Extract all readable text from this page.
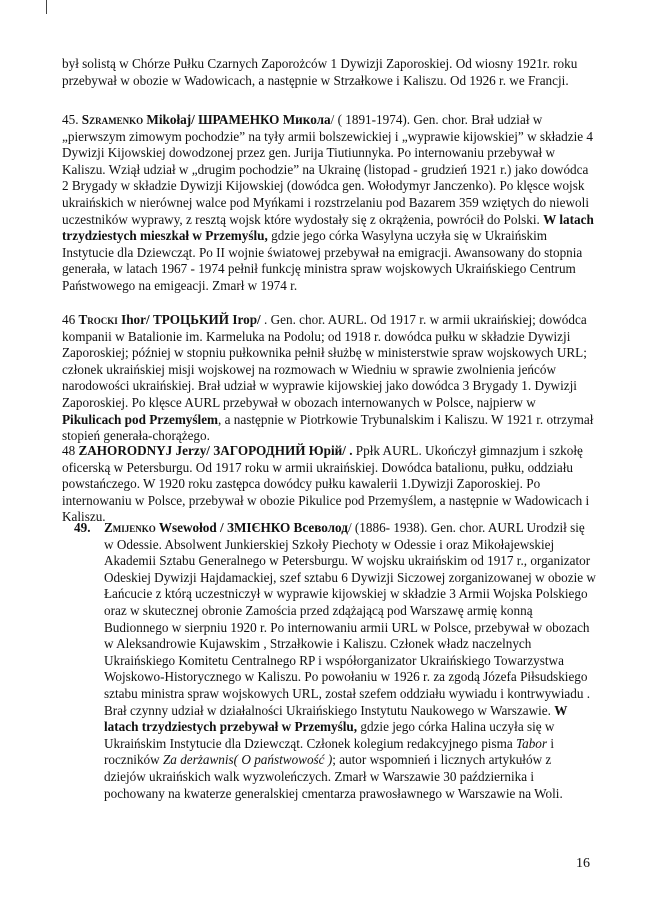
był solistą w Chórze Pułku Czarnych Zaporożców 1 Dywizji Zaporoskiej. Od wiosny 1921r. roku przebywał w obozie w Wadowicach, a następnie w Strzałkowe i Kaliszu. Od 1926 r. we Francji.

45. Szramenko Mikołaj/ ШРАМЕНКО Микола/ ( 1891-1974). Gen. chor. Brał udział w „pierwszym zimowym pochodzie” na tyły armii bolszewickiej i „wyprawie kijowskiej” w składzie 4 Dywizji Kijowskiej dowodzonej przez gen. Jurija Tiutiunnyka. Po internowaniu przebywał w Kaliszu. Wziął udział w „drugim pochodzie” na Ukrainę (listopad - grudzień 1921 r.) jako dowódca 2 Brygady w składzie Dywizji Kijowskiej (dowódca gen. Wołodymyr Janczenko). Po klęsce wojsk ukraińskich w nierównej walce pod Myńkami i rozstrzelaniu pod Bazarem 359 wziętych do niewoli uczestników wyprawy, z resztą wojsk które wydostały się z okrążenia, powrócił do Polski. W latach trzydziestych mieszkał w Przemyślu, gdzie jego córka Wasylyna uczyła się w Ukraińskim Instytucie dla Dziewcząt. Po II wojnie światowej przebywał na emigracji. Awansowany do stopnia generała, w latach 1967 - 1974 pełnił funkcję ministra spraw wojskowych Ukraińskiego Centrum Państwowego na emigeacji. Zmarł w 1974 r.

46 Trocki Ihor/ ТРОЦЬКИЙ Irop/ . Gen. chor. AURL. Od 1917 r. w armii ukraińskiej; dowódca kompanii w Batalionie im. Karmeluka na Podolu; od 1918 r. dowódca pułku w składzie Dywizji Zaporoskiej; później w stopniu pułkownika pełnił służbę w ministerstwie spraw wojskowych URL; członek ukraińskiej misji wojskowej na rozmowach w Wiedniu w sprawie zwolnienia jeńców narodowości ukraińskiej. Brał udział w wyprawie kijowskiej jako dowódca 3 Brygady 1. Dywizji Zaporoskiej. Po klęsce AURL przebywał w obozach internowanych w Polsce, najpierw w Pikulicach pod Przemyślem, a następnie w Piotrkowie Trybunalskim i Kaliszu. W 1921 r. otrzymał stopień generała-chorążego.

48 ZAHORODNYJ Jerzy/ ЗАГОРОДНИЙ Юрій/ . Ppłk AURL. Ukończył gimnazjum i szkołę oficerską w Petersburgu. Od 1917 roku w armii ukraińskiej. Dowódca batalionu, pułku, oddziału powstańczego. W 1920 roku zastępca dowódcy pułku kawalerii 1.Dywizji Zaporoskiej. Po internowaniu w Polsce, przebywał w obozie Pikulice pod Przemyślem, a następnie w Wadowicach i Kaliszu.

49. Zmijenko Wsewołod / ЗМІЄНКО Всеволод/ (1886- 1938). Gen. chor. AURL Urodził się w Odessie. Absolwent Junkierskiej Szkoły Piechoty w Odessie i oraz Mikołajewskiej Akademii Sztabu Generalnego w Petersburgu. W wojsku ukraińskim od 1917 r., organizator Odeskiej Dywizji Hajdamackiej, szef sztabu 6 Dywizji Siczowej zorganizowanej w obozie w Łańcucie z którą uczestniczył w wyprawie kijowskiej w składzie 3 Armii Wojska Polskiego oraz w skutecznej obronie Zamościa przed zdążającą pod Warszawę armię konną Budionnego w sierpniu 1920 r. Po internowaniu armii URL w Polsce, przebywał w obozach w Aleksandrowie Kujawskim , Strzałkowie i Kaliszu. Członek władz naczelnych Ukraińskiego Komitetu Centralnego RP i współorganizator Ukraińskiego Towarzystwa Wojskowo-Historycznego w Kaliszu. Po powołaniu w 1926 r. za zgodą Józefa Piłsudskiego sztabu ministra spraw wojskowych URL, został szefem oddziału wywiadu i kontrwywiadu . Brał czynny udział w działalności Ukraińskiego Instytutu Naukowego w Warszawie. W latach trzydziestych przebywał w Przemyślu, gdzie jego córka Halina uczyła się w Ukraińskim Instytucie dla Dziewcząt. Członek kolegium redakcyjnego pisma Tabor i roczników Za derżawnis( O państwowość ); autor wspomnień i licznych artykułów z dziejów ukraińskich walk wyzwoleńczych. Zmarł w Warszawie 30 października i pochowany na kwaterze generalskiej cmentarza prawosławnego w Warszawie na Woli.

16
